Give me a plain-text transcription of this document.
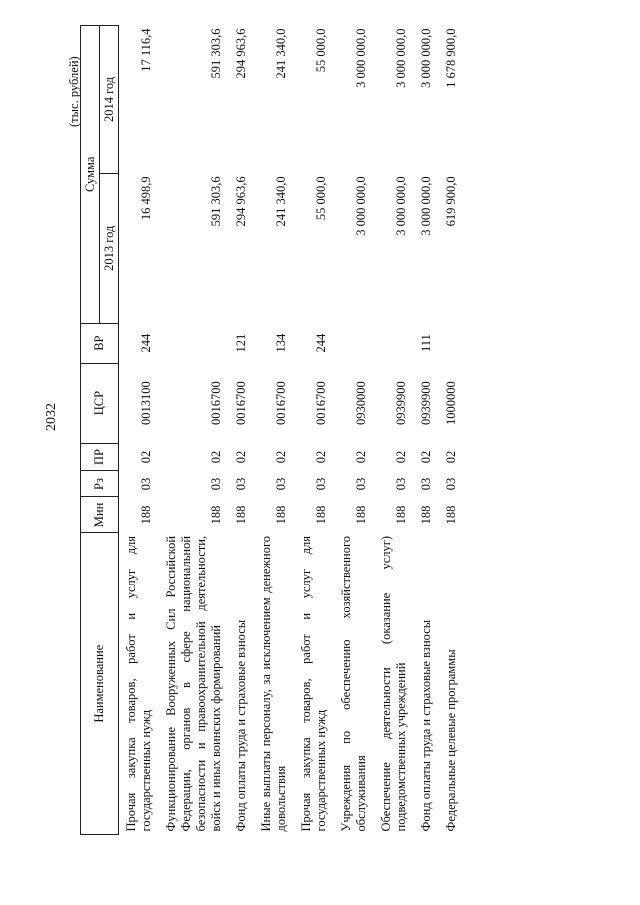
2032
(тыс. рублей)
Наименование	Мин	Рз	ПР	ЦСР	ВР	Сумма	
						2013 год	2014 год
Прочая закупка товаров, работ и услуг для государственных нужд	188	03	02	0013100	244	16 498,9	17 116,4
Функционирование Вооруженных Сил Российской Федерации, органов в сфере национальной безопасности и правоохранительной деятельности, войск и иных воинских формирований	188	03	02	0016700		591 303,6	591 303,6
Фонд оплаты труда и страховые взносы	188	03	02	0016700	121	294 963,6	294 963,6
Иные выплаты персоналу, за исключением денежного довольствия	188	03	02	0016700	134	241 340,0	241 340,0
Прочая закупка товаров, работ и услуг для государственных нужд	188	03	02	0016700	244	55 000,0	55 000,0
Учреждения по обеспечению хозяйственного обслуживания	188	03	02	0930000		3 000 000,0	3 000 000,0
Обеспечение деятельности (оказание услуг) подведомственных учреждений	188	03	02	0939900		3 000 000,0	3 000 000,0
Фонд оплаты труда и страховые взносы	188	03	02	0939900	111	3 000 000,0	3 000 000,0
Федеральные целевые программы	188	03	02	1000000		619 900,0	1 678 900,0
